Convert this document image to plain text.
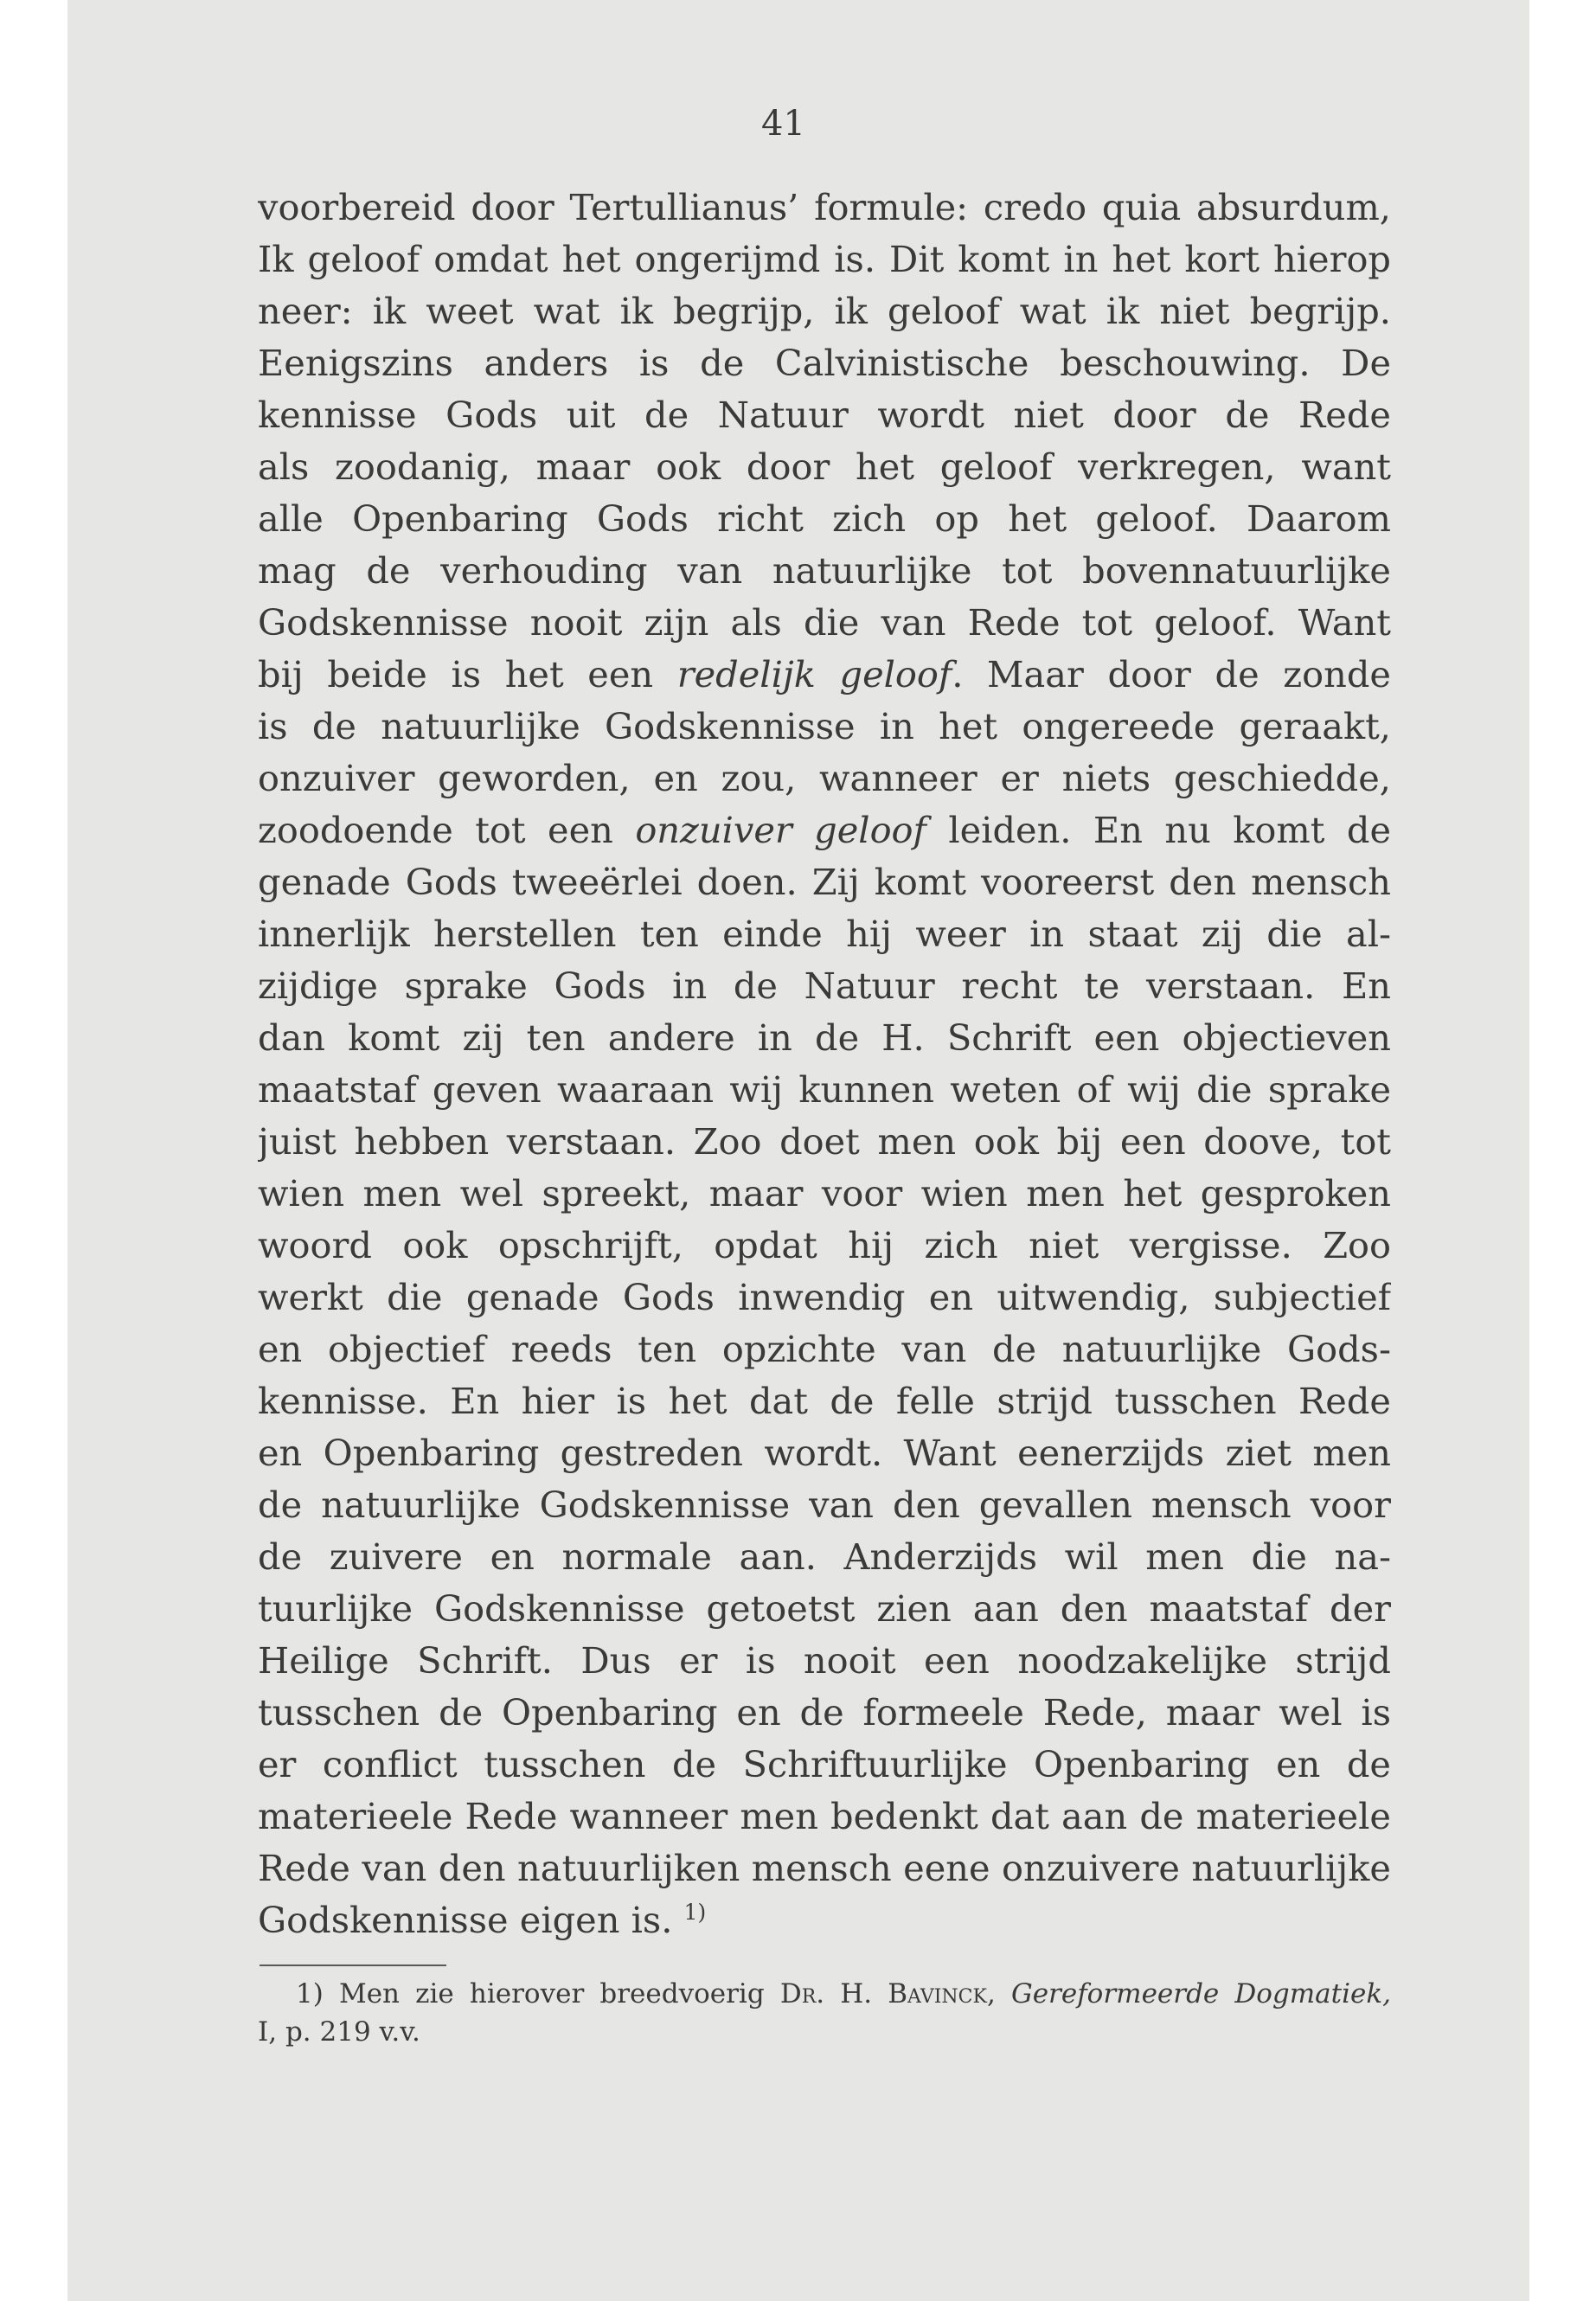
41
voorbereid door Tertullianus’ formule: credo quia absurdum,
Ik geloof omdat het ongerijmd is. Dit komt in het kort hierop
neer: ik weet wat ik begrijp, ik geloof wat ik niet begrijp.
Eenigszins anders is de Calvinistische beschouwing. De
kennisse Gods uit de Natuur wordt niet door de Rede
als zoodanig, maar ook door het geloof verkregen, want
alle Openbaring Gods richt zich op het geloof. Daarom
mag de verhouding van natuurlijke tot bovennatuurlijke
Godskennisse nooit zijn als die van Rede tot geloof. Want
bij beide is het een redelijk geloof. Maar door de zonde
is de natuurlijke Godskennisse in het ongereede geraakt,
onzuiver geworden, en zou, wanneer er niets geschiedde,
zoodoende tot een onzuiver geloof leiden. En nu komt de
genade Gods tweeërlei doen. Zij komt vooreerst den mensch
innerlijk herstellen ten einde hij weer in staat zij die al-
zijdige sprake Gods in de Natuur recht te verstaan. En
dan komt zij ten andere in de H. Schrift een objectieven
maatstaf geven waaraan wij kunnen weten of wij die sprake
juist hebben verstaan. Zoo doet men ook bij een doove, tot
wien men wel spreekt, maar voor wien men het gesproken
woord ook opschrijft, opdat hij zich niet vergisse. Zoo
werkt die genade Gods inwendig en uitwendig, subjectief
en objectief reeds ten opzichte van de natuurlijke Gods-
kennisse. En hier is het dat de felle strijd tusschen Rede
en Openbaring gestreden wordt. Want eenerzijds ziet men
de natuurlijke Godskennisse van den gevallen mensch voor
de zuivere en normale aan. Anderzijds wil men die na-
tuurlijke Godskennisse getoetst zien aan den maatstaf der
Heilige Schrift. Dus er is nooit een noodzakelijke strijd
tusschen de Openbaring en de formeele Rede, maar wel is
er conflict tusschen de Schriftuurlijke Openbaring en de
materieele Rede wanneer men bedenkt dat aan de materieele
Rede van den natuurlijken mensch eene onzuivere natuurlijke
Godskennisse eigen is. $^{1)}$
1) Men zie hierover breedvoerig Dr. H. Bavinck, Gereformeerde Dogmatiek,
I, p. 219 v.v.
